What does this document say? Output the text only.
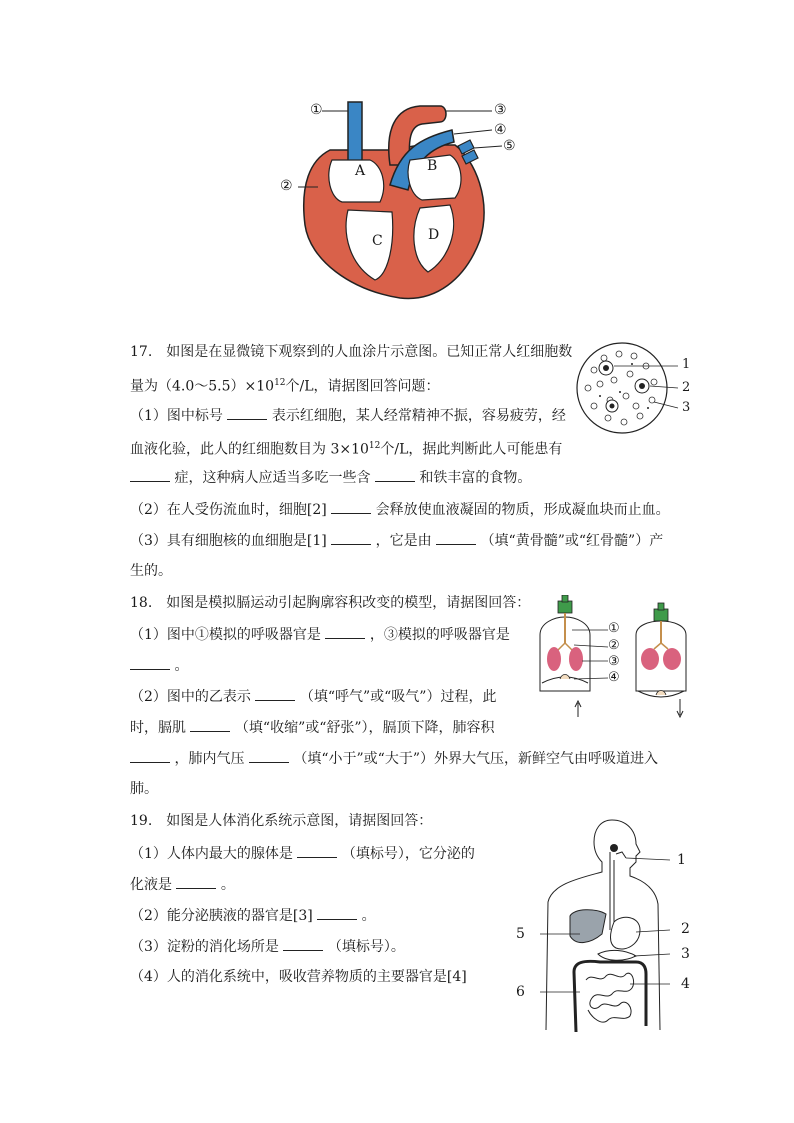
①
②
③
④
⑤
A	B
C	D
17.　如图是在显微镜下观察到的人血涂片示意图。已知正常人红细胞数
量为$(4.0\sim 5.5)\times 10^{12}$个/L，请据图回答问题：
（1）图中标号	表示红细胞，某人经常精神不振，容易疲劳，经
血液化验，此人的红细胞数目为 $3\times 10^{12}$个/L，据此判断此人可能患有
症，这种病人应适当多吃一些含	和铁丰富的食物。
（2）在人受伤流血时，细胞[2]	会释放使血液凝固的物质，形成凝血块而止血。
（3）具有细胞核的血细胞是[1]	，它是由	（填“黄骨髓”或“红骨髓”）产
生的。
1
2
3
18.　如图是模拟膈运动引起胸廓容积改变的模型，请据图回答：
（1）图中①模拟的呼吸器官是	，③模拟的呼吸器官是
。
（2）图中的乙表示	（填“呼气”或“吸气”）过程，此
时，膈肌	（填“收缩”或“舒张”），膈顶下降，肺容积
，肺内气压	（填“小于”或“大于”）外界大气压，新鲜空气由呼吸道进入
肺。
①
②
③
④
19.　如图是人体消化系统示意图，请据图回答：
（1）人体内最大的腺体是	（填标号），它分泌的
化液是	。
（2）能分泌胰液的器官是[3]	。
（3）淀粉的消化场所是	（填标号）。
（4）人的消化系统中，吸收营养物质的主要器官是[4]
1
2
3
4
5
6
